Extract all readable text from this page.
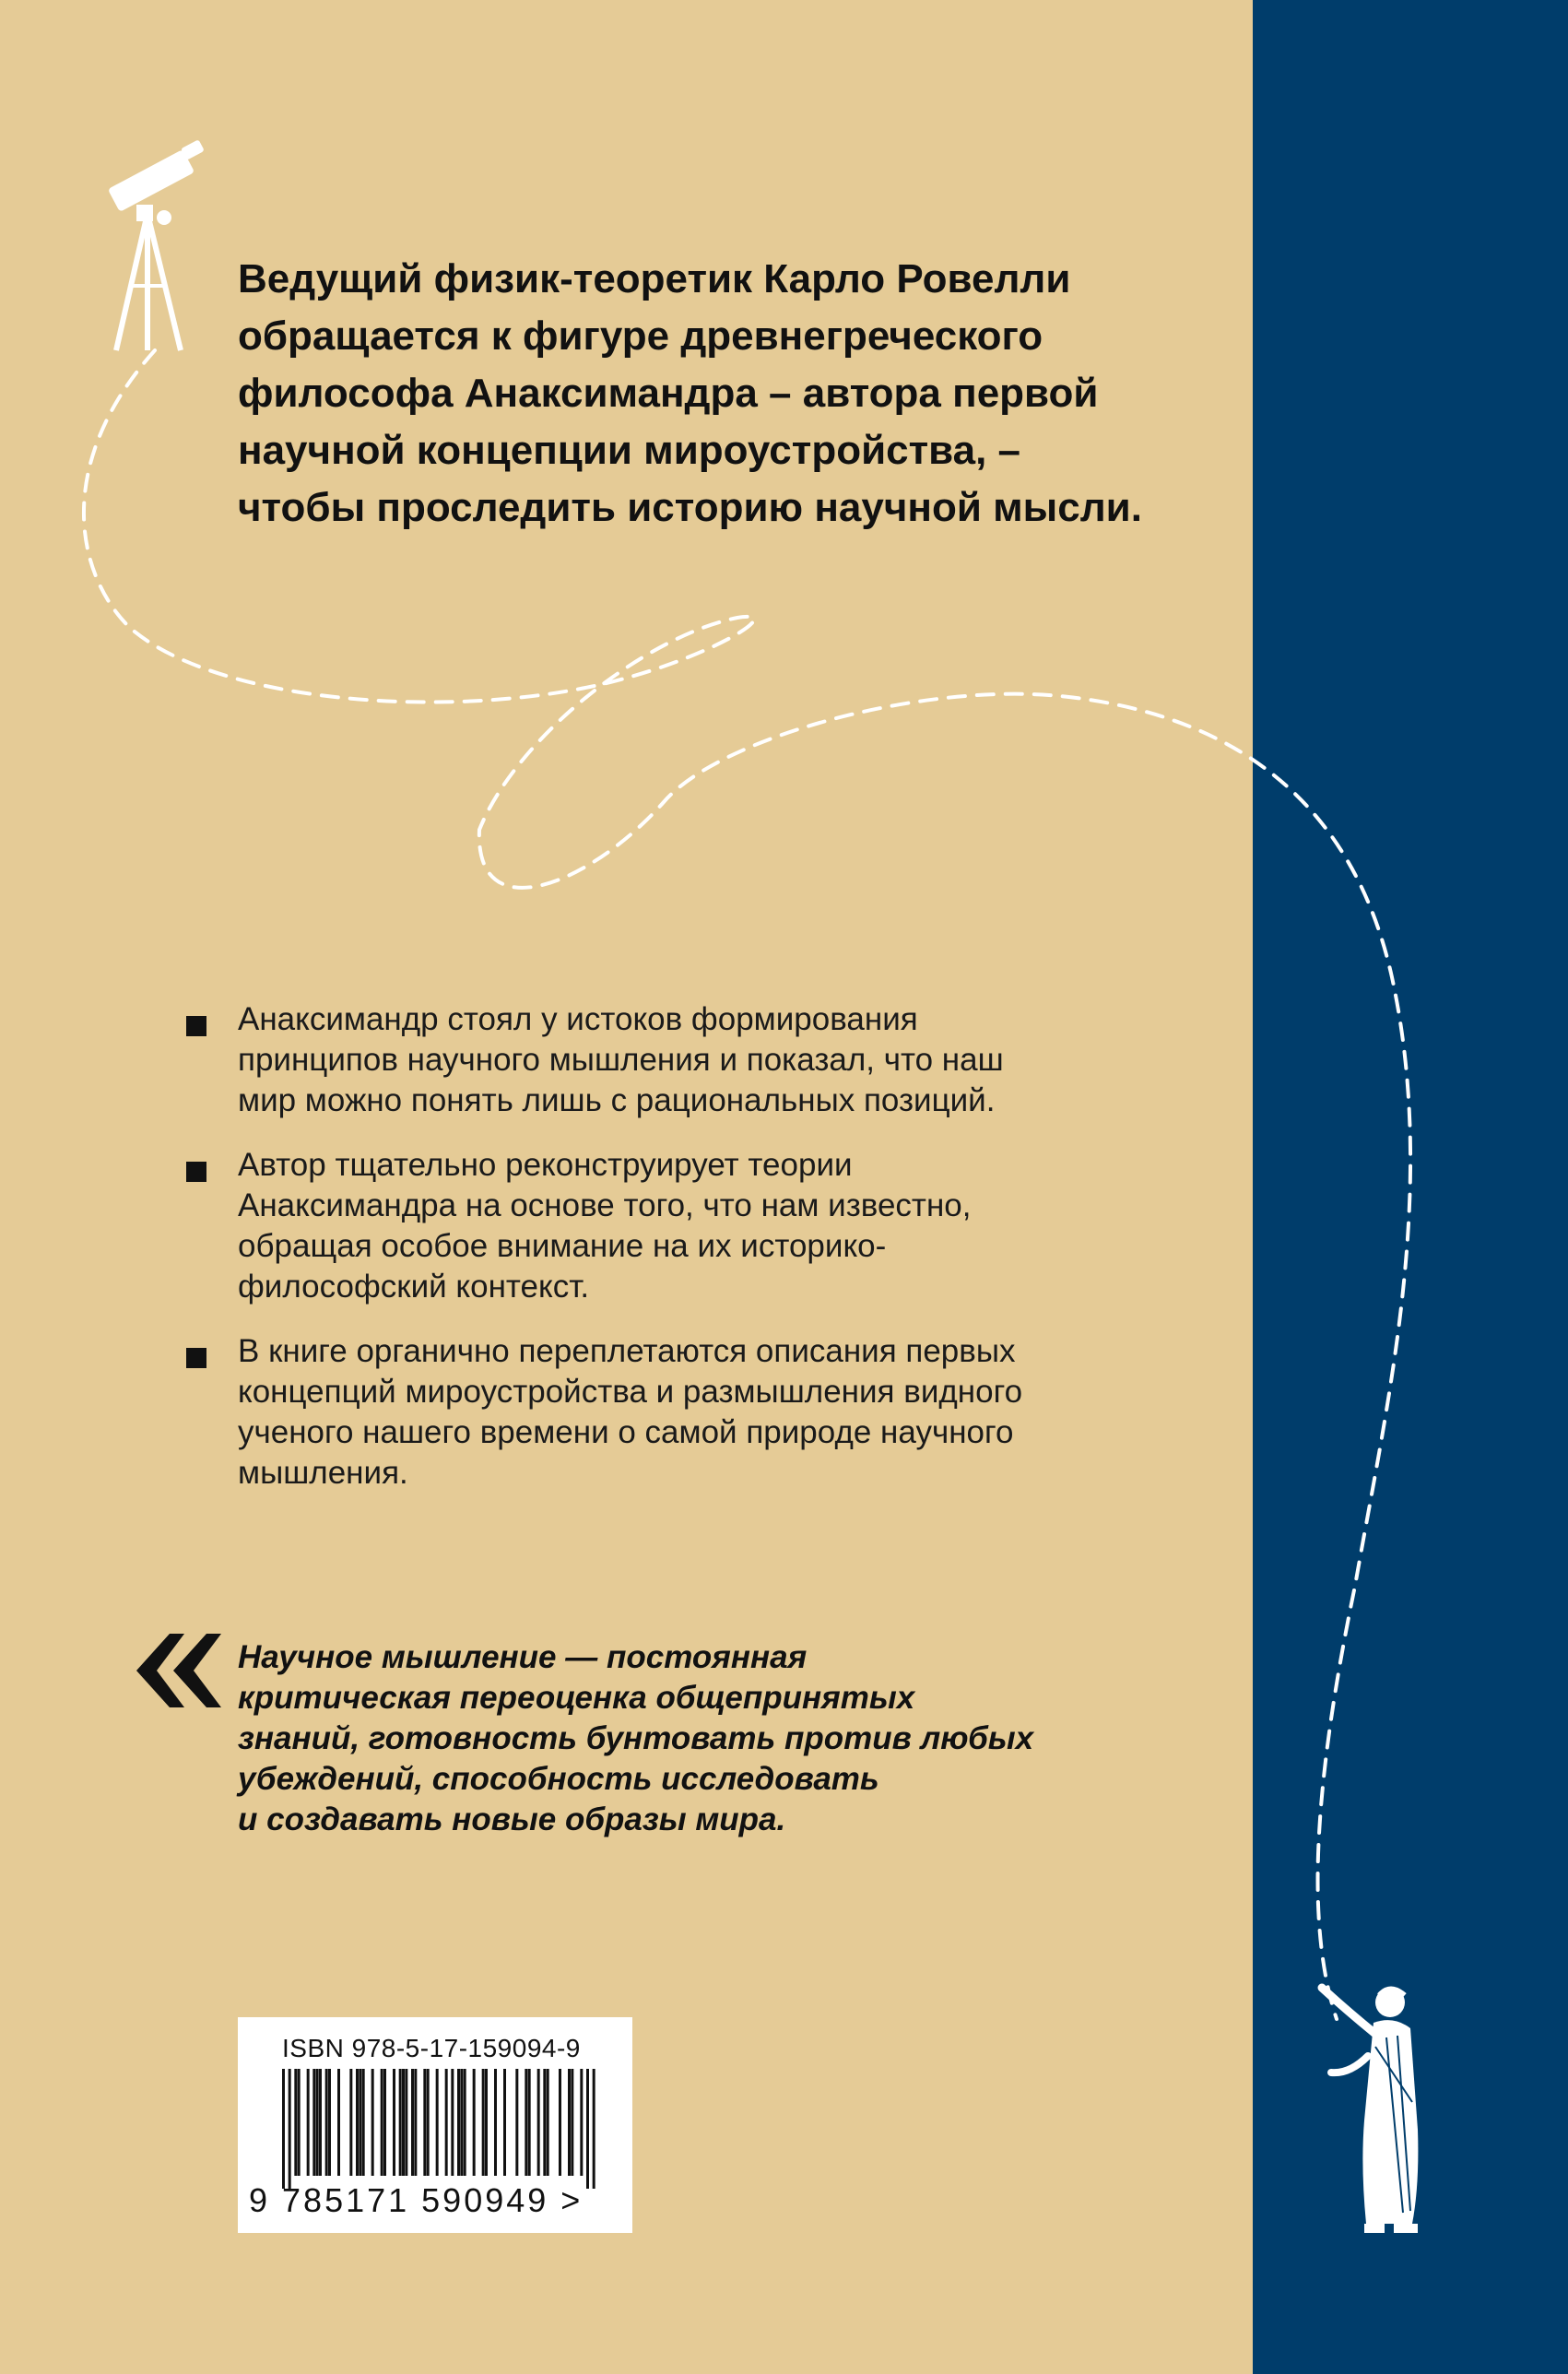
Ведущий физик-теоретик Карло Ровелли
обращается к фигуре древнегреческого
философа Анаксимандра – автора первой
научной концепции мироустройства, –
чтобы проследить историю научной мысли.

Анаксимандр стоял у истоков формирования
принципов научного мышления и показал, что наш
мир можно понять лишь с рациональных позиций.
Автор тщательно реконструирует теории
Анаксимандра на основе того, что нам известно,
обращая особое внимание на их историко-
философский контекст.
В книге органично переплетаются описания первых
концепций мироустройства и размышления видного
ученого нашего времени о самой природе научного
мышления.

Научное мышление — постоянная
критическая переоценка общепринятых
знаний, готовность бунтовать против любых
убеждений, способность исследовать
и создавать новые образы мира.

ISBN 978-5-17-159094-9
9 785171 590949 >
